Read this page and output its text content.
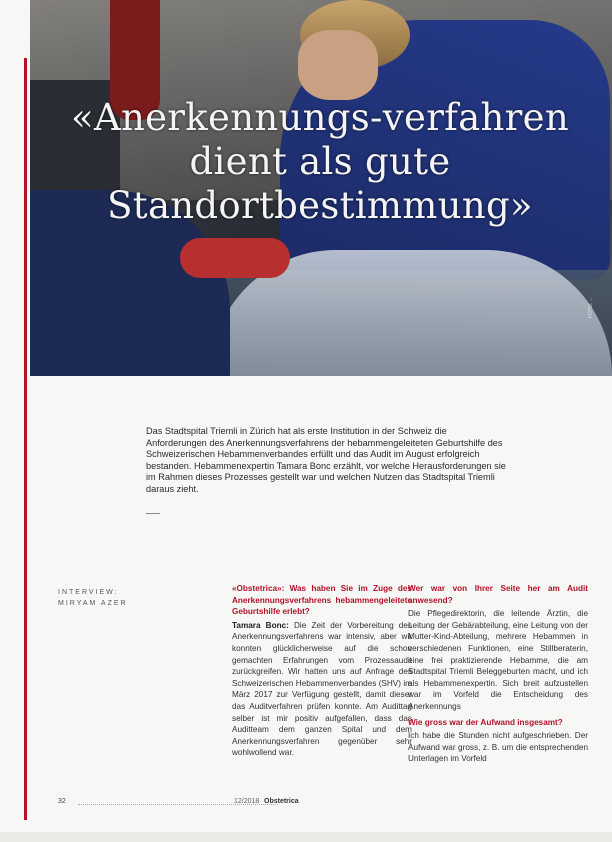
«Anerkennungs-verfahren dient als gute Standortbestimmung»
FOTO: ...

Das Stadtspital Triemli in Zürich hat als erste Institution in der Schweiz die Anforderungen des Anerkennungsverfahrens der hebammengeleiteten Geburtshilfe des Schweizerischen Hebammenverbandes erfüllt und das Audit im August erfolgreich bestanden. Hebammenexpertin Tamara Bonc erzählt, vor welche Herausforderungen sie im Rahmen dieses Prozesses gestellt war und welchen Nutzen das Stadtspital Triemli daraus zieht.

INTERVIEW:
MIRYAM AZER

«Obstetrica»: Was haben Sie im Zuge des Anerkennungsverfahrens hebammengeleitete Geburtshilfe erlebt?

Tamara Bonc: Die Zeit der Vorbereitung des Anerkennungsverfahrens war intensiv, aber wir konnten glücklicherweise auf die schon gemachten Erfahrungen vom Prozessaudit zurückgreifen. Wir hatten uns auf Anfrage des Schweizerischen Hebammenverbandes (SHV) im März 2017 zur Verfügung gestellt, damit dieser das Auditverfahren prüfen konnte. Am Audittag selber ist mir positiv aufgefallen, dass das Auditteam dem ganzen Spital und dem Anerkennungsverfahren gegenüber sehr wohlwollend war.

Wer war von Ihrer Seite her am Audit anwesend?

Die Pflegedirektorin, die leitende Ärztin, die Leitung der Gebärabteilung, eine Leitung von der Mutter-Kind-Abteilung, mehrere Hebammen in verschiedenen Funktionen, eine Stillberaterin, eine frei praktizierende Hebamme, die am Stadtspital Triemli Beleggeburten macht, und ich als Hebammenexpertin. Sich breit aufzustellen war im Vorfeld die Entscheidung des Anerkennungs

Wie gross war der Aufwand insgesamt?

Ich habe die Stunden nicht aufgeschrieben. Der Aufwand war gross, z. B. um die entsprechenden Unterlagen im Vorfeld

32	12/2018 Obstetrica
